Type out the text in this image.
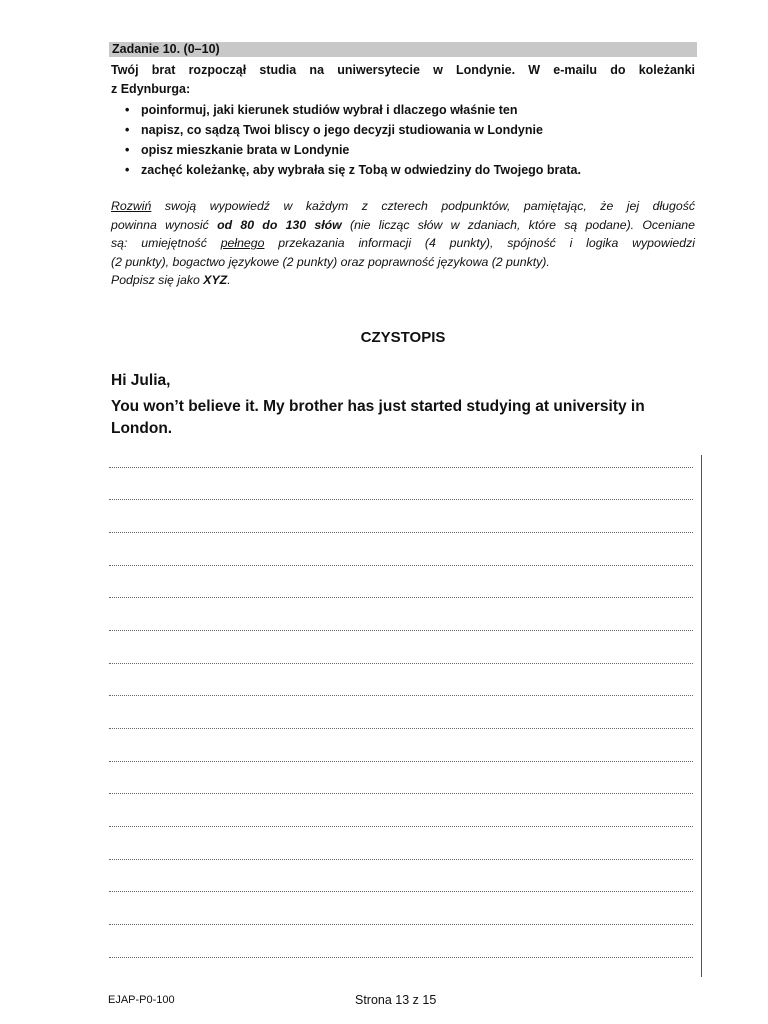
Zadanie 10. (0–10)
Twój brat rozpoczął studia na uniwersytecie w Londynie. W e-mailu do koleżanki
z Edynburga:
• poinformuj, jaki kierunek studiów wybrał i dlaczego właśnie ten
• napisz, co sądzą Twoi bliscy o jego decyzji studiowania w Londynie
• opisz mieszkanie brata w Londynie
• zachęć koleżankę, aby wybrała się z Tobą w odwiedziny do Twojego brata.
Rozwiń swoją wypowiedź w każdym z czterech podpunktów, pamiętając, że jej długość
powinna wynosić od 80 do 130 słów (nie licząc słów w zdaniach, które są podane). Oceniane
są: umiejętność pełnego przekazania informacji (4 punkty), spójność i logika wypowiedzi
(2 punkty), bogactwo językowe (2 punkty) oraz poprawność językowa (2 punkty).
Podpisz się jako XYZ.
CZYSTOPIS
Hi Julia,
You won’t believe it. My brother has just started studying at university in London.
EJAP-P0-100	Strona 13 z 15
